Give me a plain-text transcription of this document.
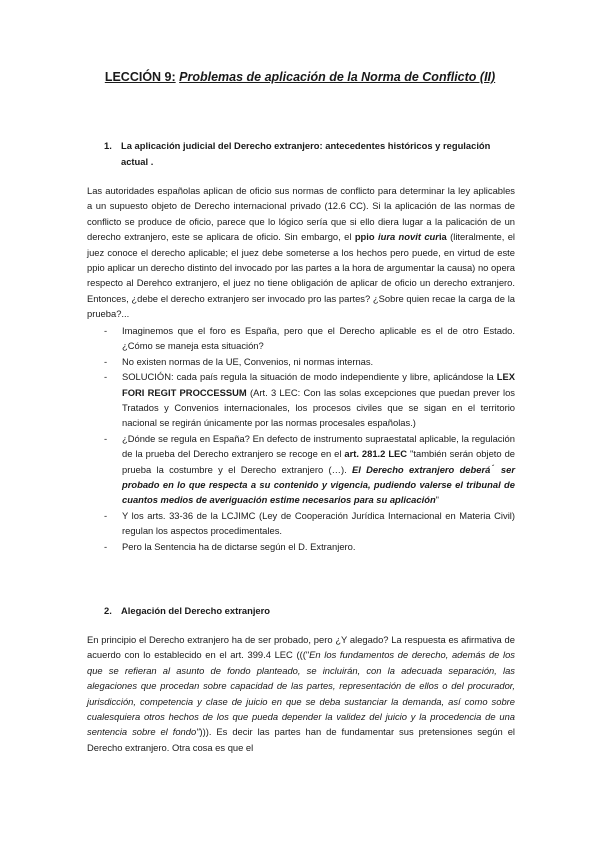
LECCIÓN 9: Problemas de aplicación de la Norma de Conflicto (II)
1. La aplicación judicial del Derecho extranjero: antecedentes históricos y regulación
actual .
Las autoridades españolas aplican de oficio sus normas de conflicto para determinar la ley aplicables a un supuesto objeto de Derecho internacional privado (12.6 CC). Si la aplicación de las normas de conflicto se produce de oficio, parece que lo lógico sería que si ello diera lugar a la palicación de un derecho extranjero, este se aplicara de oficio. Sin embargo, el ppio iura novit curia (literalmente, el juez conoce el derecho aplicable; el juez debe someterse a los hechos pero puede, en virtud de este ppio aplicar un derecho distinto del invocado por las partes a la hora de argumentar la causa) no opera respecto al Derehco extranjero, el juez no tiene obligación de aplicar de oficio un derecho extranjero. Entonces, ¿debe el derecho extranjero ser invocado pro las partes? ¿Sobre quien recae la carga de la prueba?...
- Imaginemos que el foro es España, pero que el Derecho aplicable es el de otro Estado. ¿Cómo se maneja esta situación?
- No existen normas de la UE, Convenios, ni normas internas.
- SOLUCIÓN: cada país regula la situación de modo independiente y libre, aplicándose la LEX FORI REGIT PROCCESSUM (Art. 3 LEC: Con las solas excepciones que puedan prever los Tratados y Convenios internacionales, los procesos civiles que se sigan en el territorio nacional se regirán únicamente por las normas procesales españolas.)
- ¿Dónde se regula en España? En defecto de instrumento supraestatal aplicable, la regulación de la prueba del Derecho extranjero se recoge en el art. 281.2 LEC "también serán objeto de prueba la costumbre y el Derecho extranjero (…). El Derecho extranjero deberá ́ ser probado en lo que respecta a su contenido y vigencia, pudiendo valerse el tribunal de cuantos medios de averiguación estime necesarios para su aplicación"
- Y los arts. 33-36 de la LCJIMC (Ley de Cooperación Jurídica Internacional en Materia Civil) regulan los aspectos procedimentales.
- Pero la Sentencia ha de dictarse según el D. Extranjero.
2. Alegación del Derecho extranjero
En principio el Derecho extranjero ha de ser probado, pero ¿Y alegado? La respuesta es afirmativa de acuerdo con lo establecido en el art. 399.4 LEC ((("En los fundamentos de derecho, además de los que se refieran al asunto de fondo planteado, se incluirán, con la adecuada separación, las alegaciones que procedan sobre capacidad de las partes, representación de ellos o del procurador, jurisdicción, competencia y clase de juicio en que se deba sustanciar la demanda, así como sobre cualesquiera otros hechos de los que pueda depender la validez del juicio y la procedencia de una sentencia sobre el fondo"))). Es decir las partes han de fundamentar sus pretensiones según el Derecho extranjero. Otra cosa es que el
